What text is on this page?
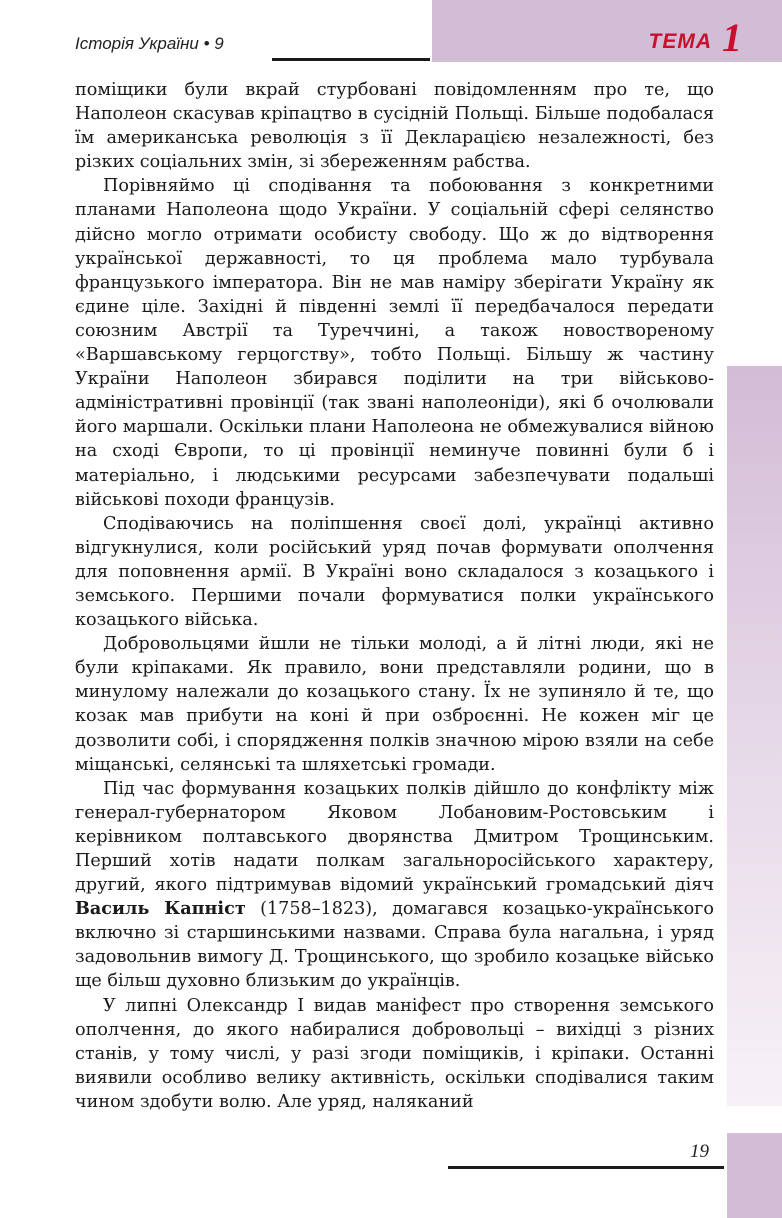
ТЕМА 1
Історія України • 9

поміщики були вкрай стурбовані повідомленням про те, що Наполеон скасував кріпацтво в сусідній Польщі. Більше подобалася їм американська революція з її Декларацією незалежності, без різких соціальних змін, зі збереженням рабства.

Порівняймо ці сподівання та побоювання з конкретними планами Наполеона щодо України. У соціальній сфері селянство дійсно могло отримати особисту свободу. Що ж до відтворення української державності, то ця проблема мало турбувала французького імператора. Він не мав наміру зберігати Україну як єдине ціле. Західні й південні землі її передбачалося передати союзним Австрії та Туреччині, а також новоствореному «Варшавському герцогству», тобто Польщі. Більшу ж частину України Наполеон збирався поділити на три військово-адміністративні провінції (так звані наполеоніди), які б очолювали його маршали. Оскільки плани Наполеона не обмежувалися війною на сході Європи, то ці провінції неминуче повинні були б і матеріально, і людськими ресурсами забезпечувати подальші військові походи французів.

Сподіваючись на поліпшення своєї долі, українці активно відгукнулися, коли російський уряд почав формувати ополчення для поповнення армії. В Україні воно складалося з козацького і земського. Першими почали формуватися полки українського козацького війська.

Добровольцями йшли не тільки молоді, а й літні люди, які не були кріпаками. Як правило, вони представляли родини, що в минулому належали до козацького стану. Їх не зупиняло й те, що козак мав прибути на коні й при озброєнні. Не кожен міг це дозволити собі, і спорядження полків значною мірою взяли на себе міщанські, селянські та шляхетські громади.

Під час формування козацьких полків дійшло до конфлікту між генерал-губернатором Яковом Лобановим-Ростовським і керівником полтавського дворянства Дмитром Трощинським. Перший хотів надати полкам загальноросійського характеру, другий, якого підтримував відомий український громадський діяч Василь Капніст (1758–1823), домагався козацько-українського включно зі старшинськими назвами. Справа була нагальна, і уряд задовольнив вимогу Д. Трощинського, що зробило козацьке військо ще більш духовно близьким до українців.

У липні Олександр I видав маніфест про створення земського ополчення, до якого набиралися добровольці – вихідці з різних станів, у тому числі, у разі згоди поміщиків, і кріпаки. Останні виявили особливо велику активність, оскільки сподівалися таким чином здобути волю. Але уряд, наляканий

19
